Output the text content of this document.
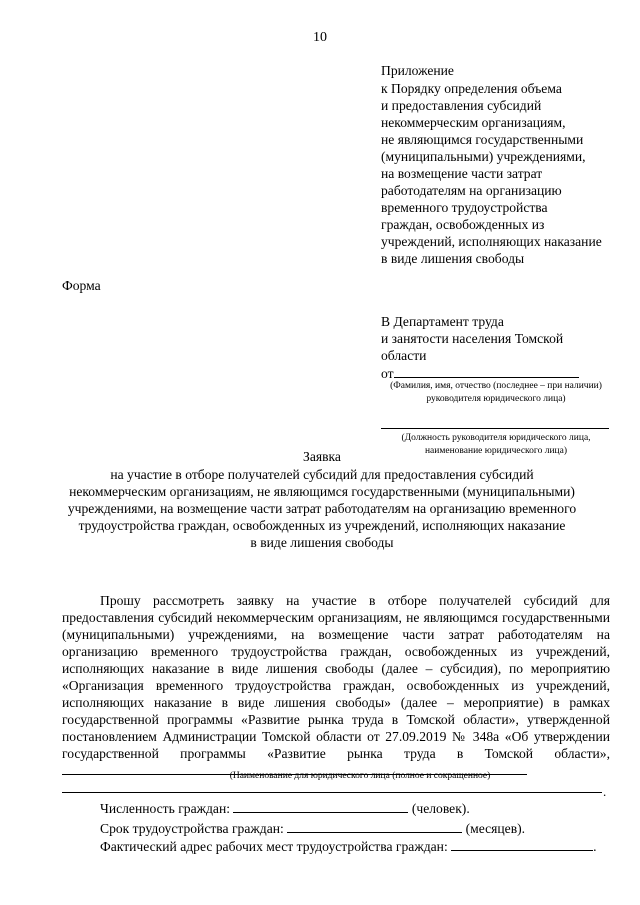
10
Приложение
к Порядку определения объема
и предоставления субсидий
некоммерческим организациям,
не являющимся государственными
(муниципальными) учреждениями,
на возмещение части затрат
работодателям на организацию
временного трудоустройства
граждан, освобожденных из
учреждений, исполняющих наказание
в виде лишения свободы
Форма
В Департамент труда
и занятости населения Томской
области
от
(Фамилия, имя, отчество (последнее – при наличии) руководителя юридического лица)
(Должность руководителя юридического лица, наименование юридического лица)
Заявка
на участие в отборе получателей субсидий для предоставления субсидий
некоммерческим организациям, не являющимся государственными (муниципальными)
учреждениями, на возмещение части затрат работодателям на организацию временного
трудоустройства граждан, освобожденных из учреждений, исполняющих наказание
в виде лишения свободы
Прошу рассмотреть заявку на участие в отборе получателей субсидий для предоставления субсидий некоммерческим организациям, не являющимся государственными (муниципальными) учреждениями, на возмещение части затрат работодателям на организацию временного трудоустройства граждан, освобожденных из учреждений, исполняющих наказание в виде лишения свободы (далее – субсидия), по мероприятию «Организация временного трудоустройства граждан, освобожденных из учреждений, исполняющих наказание в виде лишения свободы» (далее – мероприятие) в рамках государственной программы «Развитие рынка труда в Томской области», утвержденной постановлением Администрации Томской области от 27.09.2019 № 348а «Об утверждении государственной программы «Развитие рынка труда в Томской области»,
(Наименование для юридического лица (полное и сокращенное)
.
Численность граждан:	(человек).
Срок трудоустройства граждан:	(месяцев).
Фактический адрес рабочих мест трудоустройства граждан:	.
